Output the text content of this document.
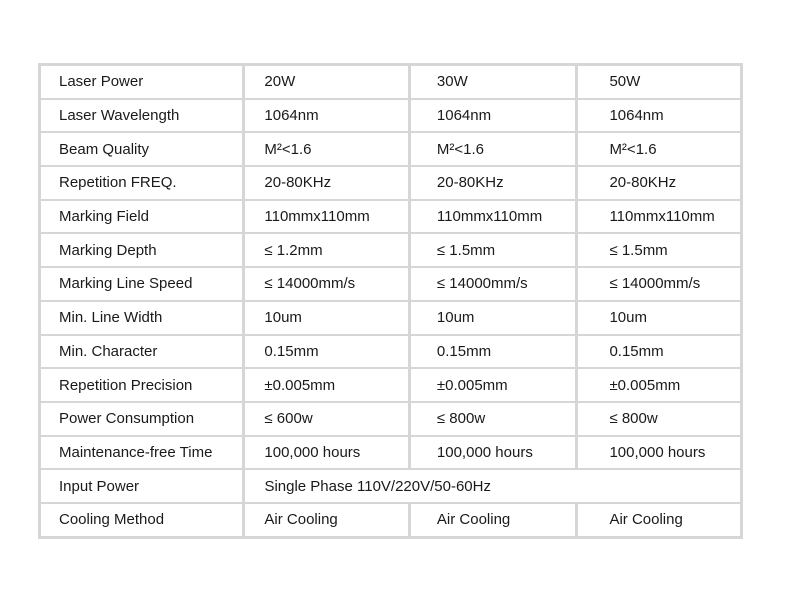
Laser Power	20W	30W	50W
Laser Wavelength	1064nm	1064nm	1064nm
Beam Quality	M²<1.6	M²<1.6	M²<1.6
Repetition FREQ.	20-80KHz	20-80KHz	20-80KHz
Marking Field	110mmx110mm	110mmx110mm	110mmx110mm
Marking Depth	≤ 1.2mm	≤ 1.5mm	≤ 1.5mm
Marking Line Speed	≤ 14000mm/s	≤ 14000mm/s	≤ 14000mm/s
Min. Line Width	10um	10um	10um
Min. Character	0.15mm	0.15mm	0.15mm
Repetition Precision	±0.005mm	±0.005mm	±0.005mm
Power Consumption	≤ 600w	≤ 800w	≤ 800w
Maintenance-free Time	100,000 hours	100,000 hours	100,000 hours
Input Power	Single Phase 110V/220V/50-60Hz
Cooling Method	Air Cooling	Air Cooling	Air Cooling
